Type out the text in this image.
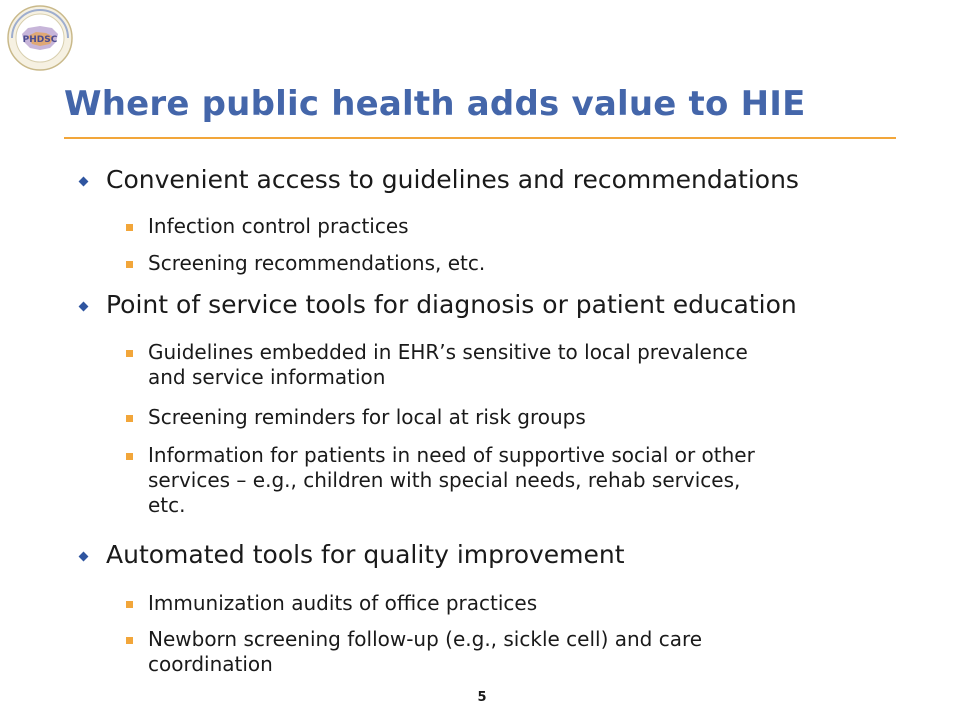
PHDSC
Where public health adds value to HIE
Convenient access to guidelines and recommendations
Infection control practices
Screening recommendations, etc.
Point of service tools for diagnosis or patient education
Guidelines embedded in EHR’s sensitive to local prevalence
and service information
Screening reminders for local at risk groups
Information for patients in need of supportive social or other
services – e.g., children with special needs, rehab services,
etc.
Automated tools for quality improvement
Immunization audits of office practices
Newborn screening follow-up (e.g., sickle cell) and care
coordination
5
